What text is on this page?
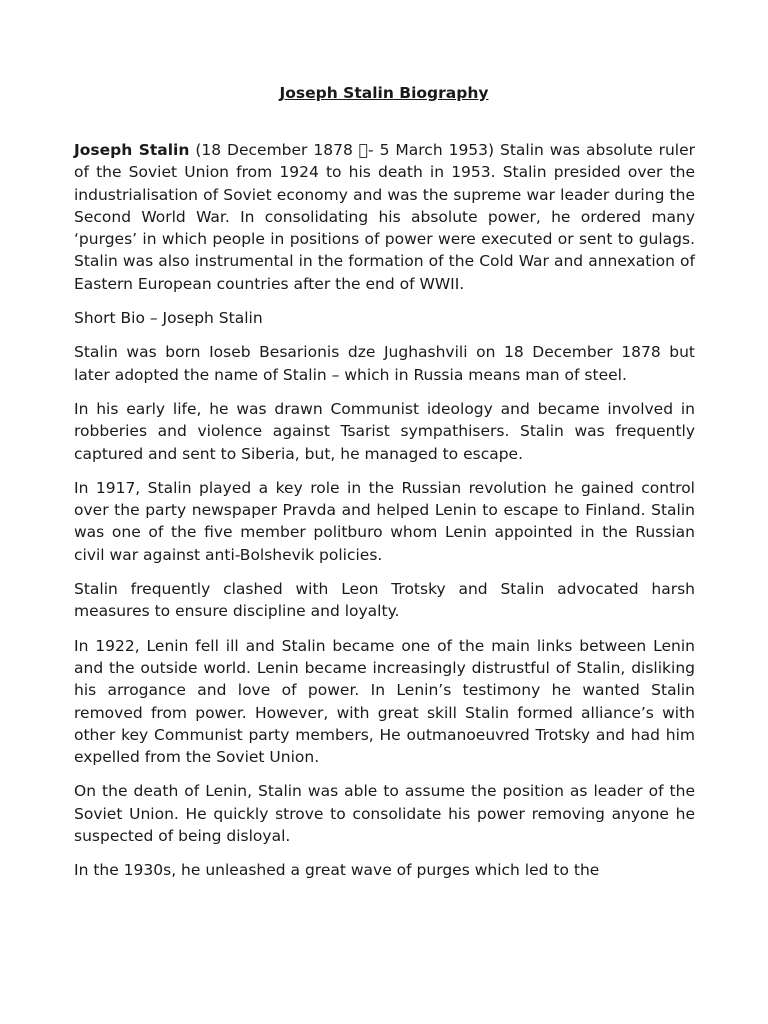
Joseph Stalin Biography

Joseph Stalin (18 December 1878 - 5 March 1953) Stalin was absolute ruler of the Soviet Union from 1924 to his death in 1953. Stalin presided over the industrialisation of Soviet economy and was the supreme war leader during the Second World War. In consolidating his absolute power, he ordered many ‘purges’ in which people in positions of power were executed or sent to gulags. Stalin was also instrumental in the formation of the Cold War and annexation of Eastern European countries after the end of WWII.

Short Bio – Joseph Stalin

Stalin was born Ioseb Besarionis dze Jughashvili on 18 December 1878 but later adopted the name of Stalin – which in Russia means man of steel.

In his early life, he was drawn Communist ideology and became involved in robberies and violence against Tsarist sympathisers. Stalin was frequently captured and sent to Siberia, but, he managed to escape.

In 1917, Stalin played a key role in the Russian revolution he gained control over the party newspaper Pravda and helped Lenin to escape to Finland. Stalin was one of the five member politburo whom Lenin appointed in the Russian civil war against anti-Bolshevik policies.

Stalin frequently clashed with Leon Trotsky and Stalin advocated harsh measures to ensure discipline and loyalty.

In 1922, Lenin fell ill and Stalin became one of the main links between Lenin and the outside world. Lenin became increasingly distrustful of Stalin, disliking his arrogance and love of power. In Lenin’s testimony he wanted Stalin removed from power. However, with great skill Stalin formed alliance’s with other key Communist party members, He outmanoeuvred Trotsky and had him expelled from the Soviet Union.

On the death of Lenin, Stalin was able to assume the position as leader of the Soviet Union. He quickly strove to consolidate his power removing anyone he suspected of being disloyal.

In the 1930s, he unleashed a great wave of purges which led to the
